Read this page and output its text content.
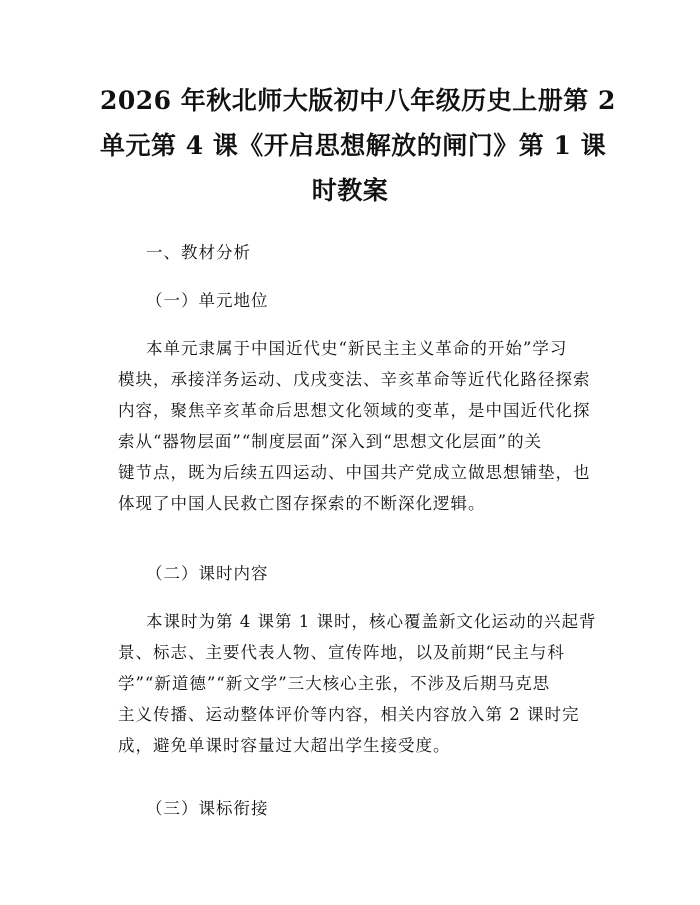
2026 年秋北师大版初中八年级历史上册第 2
单元第 4 课《开启思想解放的闸门》第 1 课
时教案
一、教材分析
（一）单元地位
本单元隶属于中国近代史“新民主主义革命的开始”学习
模块，承接洋务运动、戊戌变法、辛亥革命等近代化路径探索
内容，聚焦辛亥革命后思想文化领域的变革，是中国近代化探
索从“器物层面”“制度层面”深入到“思想文化层面”的关
键节点，既为后续五四运动、中国共产党成立做思想铺垫，也
体现了中国人民救亡图存探索的不断深化逻辑。
（二）课时内容
本课时为第 4 课第 1 课时，核心覆盖新文化运动的兴起背
景、标志、主要代表人物、宣传阵地，以及前期“民主与科
学”“新道德”“新文学”三大核心主张，不涉及后期马克思
主义传播、运动整体评价等内容，相关内容放入第 2 课时完
成，避免单课时容量过大超出学生接受度。
（三）课标衔接
